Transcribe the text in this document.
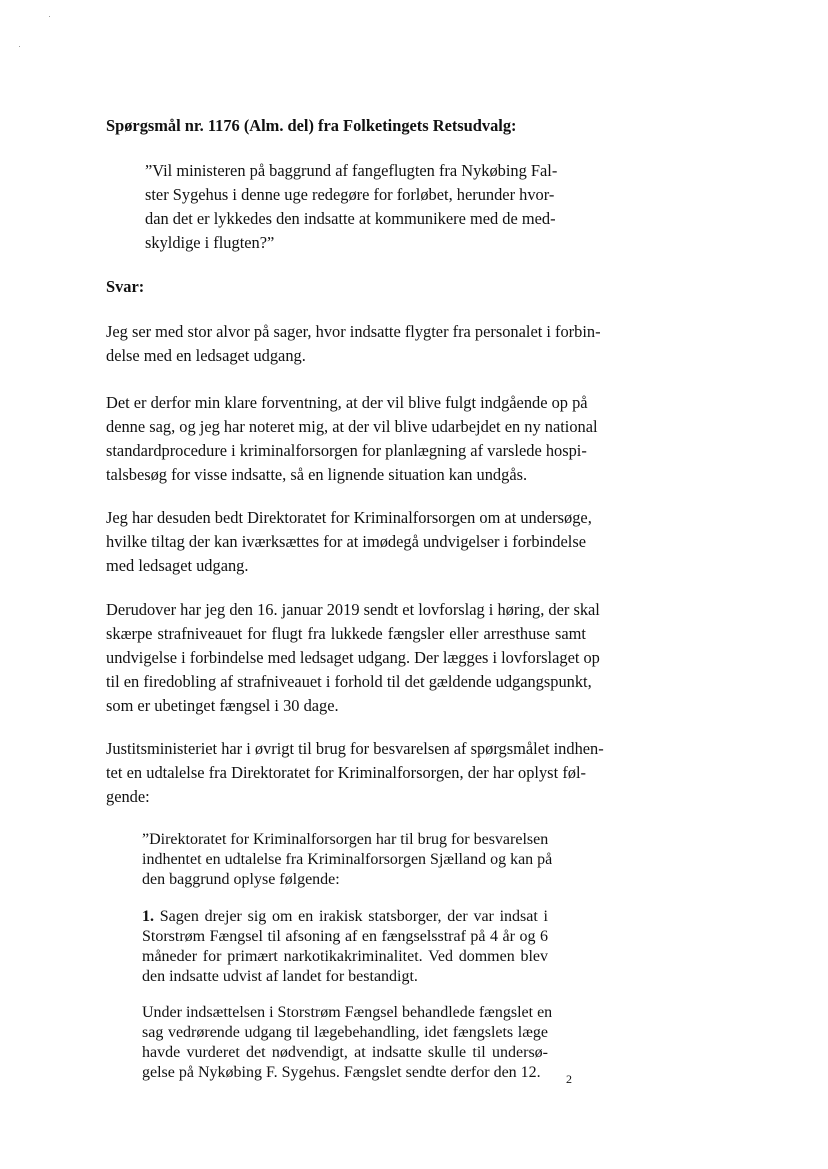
Spørgsmål nr. 1176 (Alm. del) fra Folketingets Retsudvalg:
”Vil ministeren på baggrund af fangeflugten fra Nykøbing Fal-
ster Sygehus i denne uge redegøre for forløbet, herunder hvor-
dan det er lykkedes den indsatte at kommunikere med de med-
skyldige i flugten?”
Svar:
Jeg ser med stor alvor på sager, hvor indsatte flygter fra personalet i forbin-
delse med en ledsaget udgang.
Det er derfor min klare forventning, at der vil blive fulgt indgående op på
denne sag, og jeg har noteret mig, at der vil blive udarbejdet en ny national
standardprocedure i kriminalforsorgen for planlægning af varslede hospi-
talsbesøg for visse indsatte, så en lignende situation kan undgås.
Jeg har desuden bedt Direktoratet for Kriminalforsorgen om at undersøge,
hvilke tiltag der kan iværksættes for at imødegå undvigelser i forbindelse
med ledsaget udgang.
Derudover har jeg den 16. januar 2019 sendt et lovforslag i høring, der skal
skærpe strafniveauet for flugt fra lukkede fængsler eller arresthuse samt
undvigelse i forbindelse med ledsaget udgang. Der lægges i lovforslaget op
til en firedobling af strafniveauet i forhold til det gældende udgangspunkt,
som er ubetinget fængsel i 30 dage.
Justitsministeriet har i øvrigt til brug for besvarelsen af spørgsmålet indhen-
tet en udtalelse fra Direktoratet for Kriminalforsorgen, der har oplyst føl-
gende:
”Direktoratet for Kriminalforsorgen har til brug for besvarelsen
indhentet en udtalelse fra Kriminalforsorgen Sjælland og kan på
den baggrund oplyse følgende:
1. Sagen drejer sig om en irakisk statsborger, der var indsat i
Storstrøm Fængsel til afsoning af en fængselsstraf på 4 år og 6
måneder for primært narkotikakriminalitet. Ved dommen blev
den indsatte udvist af landet for bestandigt.
Under indsættelsen i Storstrøm Fængsel behandlede fængslet en
sag vedrørende udgang til lægebehandling, idet fængslets læge
havde vurderet det nødvendigt, at indsatte skulle til undersø-
gelse på Nykøbing F. Sygehus. Fængslet sendte derfor den 12. 2
